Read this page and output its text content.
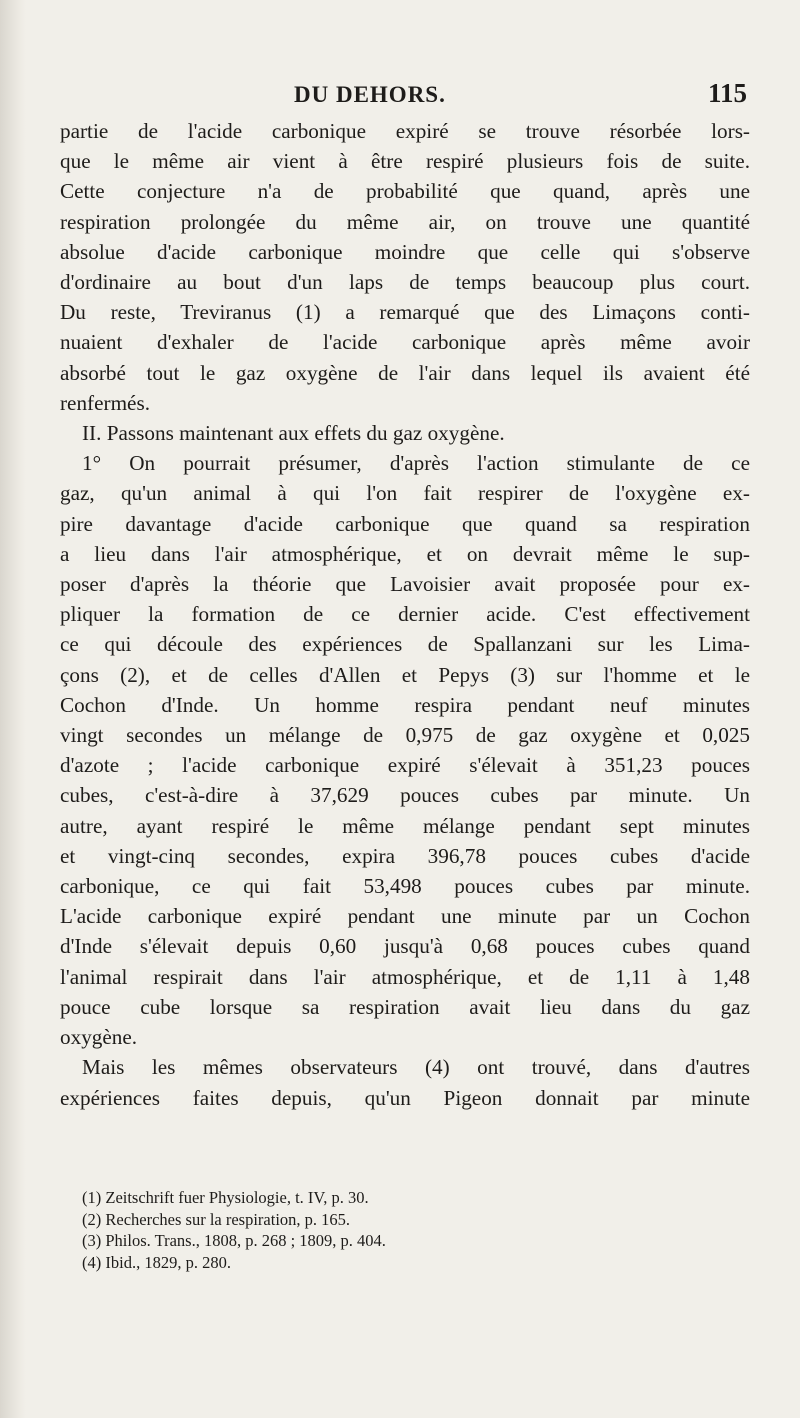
DU DEHORS.	115
partie de l'acide carbonique expiré se trouve résorbée lors-
que le même air vient à être respiré plusieurs fois de suite.
Cette conjecture n'a de probabilité que quand, après une
respiration prolongée du même air, on trouve une quantité
absolue d'acide carbonique moindre que celle qui s'observe
d'ordinaire au bout d'un laps de temps beaucoup plus court.
Du reste, Treviranus (1) a remarqué que des Limaçons conti-
nuaient d'exhaler de l'acide carbonique après même avoir
absorbé tout le gaz oxygène de l'air dans lequel ils avaient été
renfermés.
II. Passons maintenant aux effets du gaz oxygène.
1° On pourrait présumer, d'après l'action stimulante de ce
gaz, qu'un animal à qui l'on fait respirer de l'oxygène ex-
pire davantage d'acide carbonique que quand sa respiration
a lieu dans l'air atmosphérique, et on devrait même le sup-
poser d'après la théorie que Lavoisier avait proposée pour ex-
pliquer la formation de ce dernier acide. C'est effectivement
ce qui découle des expériences de Spallanzani sur les Lima-
çons (2), et de celles d'Allen et Pepys (3) sur l'homme et le
Cochon d'Inde. Un homme respira pendant neuf minutes
vingt secondes un mélange de 0,975 de gaz oxygène et 0,025
d'azote ; l'acide carbonique expiré s'élevait à 351,23 pouces
cubes, c'est-à-dire à 37,629 pouces cubes par minute. Un
autre, ayant respiré le même mélange pendant sept minutes
et vingt-cinq secondes, expira 396,78 pouces cubes d'acide
carbonique, ce qui fait 53,498 pouces cubes par minute.
L'acide carbonique expiré pendant une minute par un Cochon
d'Inde s'élevait depuis 0,60 jusqu'à 0,68 pouces cubes quand
l'animal respirait dans l'air atmosphérique, et de 1,11 à 1,48
pouce cube lorsque sa respiration avait lieu dans du gaz
oxygène.
Mais les mêmes observateurs (4) ont trouvé, dans d'autres
expériences faites depuis, qu'un Pigeon donnait par minute
(1) Zeitschrift fuer Physiologie, t. IV, p. 30.
(2) Recherches sur la respiration, p. 165.
(3) Philos. Trans., 1808, p. 268 ; 1809, p. 404.
(4) Ibid., 1829, p. 280.
